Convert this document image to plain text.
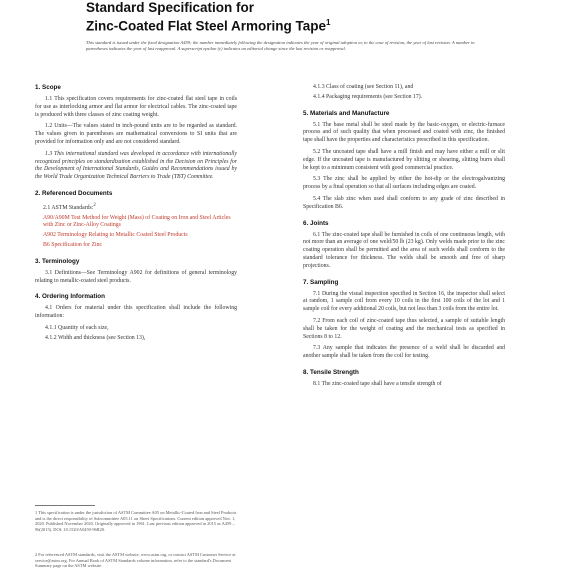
Standard Specification for
Zinc-Coated Flat Steel Armoring Tape$^1$
This standard is issued under the fixed designation A459; the number immediately following the designation indicates the year of original adoption or, in the case of revision, the year of last revision. A number in parentheses indicates the year of last reapproval. A superscript epsilon (ε) indicates an editorial change since the last revision or reapproval.
1. Scope

1.1 This specification covers requirements for zinc-coated flat steel tape in coils for use as interlocking armor and flat armor for electrical cables. The zinc-coated tape is produced with three classes of zinc coating weight.

1.2 Units—The values stated in inch-pound units are to be regarded as standard. The values given in parentheses are mathematical conversions to SI units that are provided for information only and are not considered standard.

1.3 This international standard was developed in accordance with internationally recognized principles on standardization established in the Decision on Principles for the Development of International Standards, Guides and Recommendations issued by the World Trade Organization Technical Barriers to Trade (TBT) Committee.

2. Referenced Documents
2.1 ASTM Standards:$^2$
A90/A90M Test Method for Weight (Mass) of Coating on Iron and Steel Articles with Zinc or Zinc-Alloy Coatings
A902 Terminology Relating to Metallic Coated Steel Products
B6 Specification for Zinc
3. Terminology

3.1 Definitions—See Terminology A902 for definitions of general terminology relating to metallic-coated steel products.

4. Ordering Information

4.1 Orders for material under this specification shall include the following information:

4.1.1 Quantity of each size,
4.1.2 Width and thickness (see Section 13),
1 This specification is under the jurisdiction of ASTM Committee A05 on Metallic-Coated Iron and Steel Products and is the direct responsibility of Subcommittee A05.11 on Sheet Specifications. Current edition approved Nov. 1, 2020. Published November 2020. Originally approved in 1961. Last previous edition approved in 2015 as A459 – 96(2015). DOI: 10.1520/A0459-96R20.
2 For referenced ASTM standards, visit the ASTM website, www.astm.org, or contact ASTM Customer Service at service@astm.org. For Annual Book of ASTM Standards volume information, refer to the standard's Document Summary page on the ASTM website.
4.1.3 Class of coating (see Section 11), and
4.1.4 Packaging requirements (see Section 17).
5. Materials and Manufacture

5.1 The base metal shall be steel made by the basic-oxygen, or electric-furnace process and of such quality that when processed and coated with zinc, the finished tape shall have the properties and characteristics prescribed in this specification.

5.2 The uncoated tape shall have a mill finish and may have either a mill or slit edge. If the uncoated tape is manufactured by slitting or shearing, slitting burrs shall be kept to a minimum consistent with good commercial practice.

5.3 The zinc shall be applied by either the hot-dip or the electrogalvanizing process by a final operation so that all surfaces including edges are coated.

5.4 The slab zinc when used shall conform to any grade of zinc described in Specification B6.

6. Joints

6.1 The zinc-coated tape shall be furnished in coils of one continuous length, with not more than an average of one weld/50 lb (23 kg). Only welds made prior to the zinc coating operation shall be permitted and the area of such welds shall conform to the standard tolerance for thickness. The welds shall be smooth and free of sharp projections.

7. Sampling

7.1 During the visual inspection specified in Section 16, the inspector shall select at random, 1 sample coil from every 10 coils in the first 100 coils of the lot and 1 sample coil for every additional 20 coils, but not less than 3 coils from the entire lot.

7.2 From each coil of zinc-coated tape thus selected, a sample of suitable length shall be taken for the weight of coating and the mechanical tests as specified in Sections 8 to 12.

7.3 Any sample that indicates the presence of a weld shall be discarded and another sample shall be taken from the coil for testing.

8. Tensile Strength

8.1 The zinc-coated tape shall have a tensile strength of
